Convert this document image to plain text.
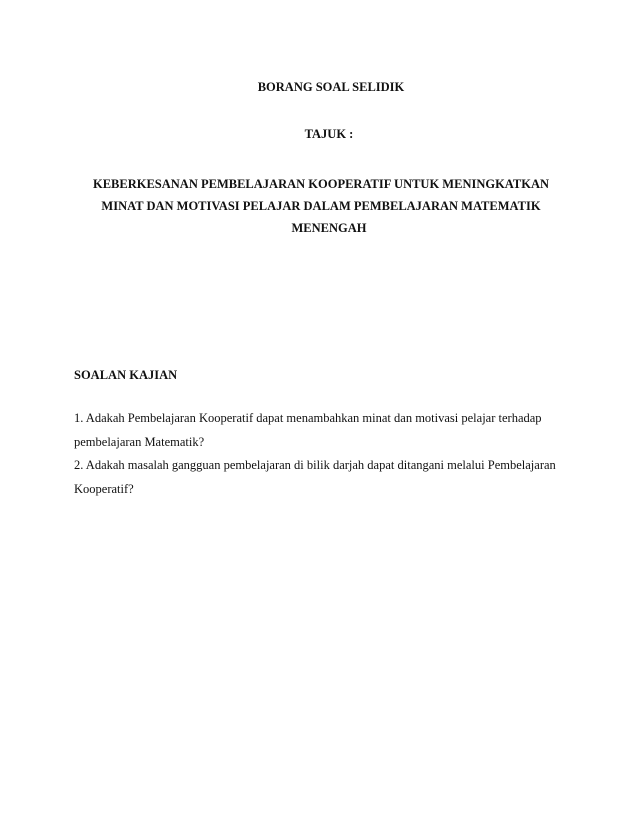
BORANG SOAL SELIDIK
TAJUK :
KEBERKESANAN PEMBELAJARAN KOOPERATIF UNTUK MENINGKATKAN
MINAT DAN MOTIVASI PELAJAR DALAM PEMBELAJARAN MATEMATIK
MENENGAH
SOALAN KAJIAN
1. Adakah Pembelajaran Kooperatif dapat menambahkan minat dan motivasi pelajar terhadap
pembelajaran Matematik?
2. Adakah masalah gangguan pembelajaran di bilik darjah dapat ditangani melalui Pembelajaran
Kooperatif?
